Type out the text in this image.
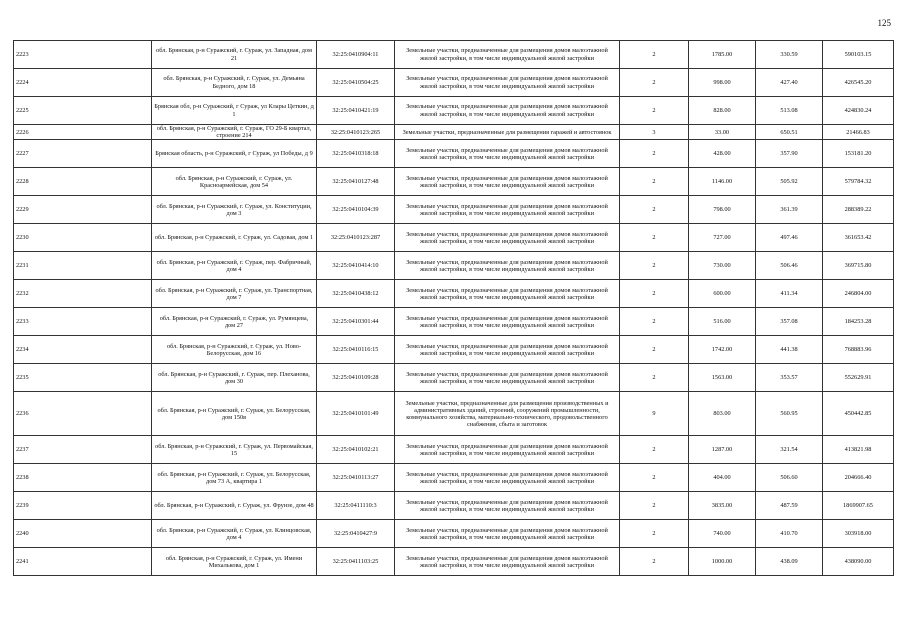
125
2223	обл. Брянская, р-н Суражский, г. Сураж, ул. Западная, дом 21	32:25:0410904:11	Земельные участки, предназначенные для размещения домов малоэтажной жилой застройки, в том числе индивидуальной жилой застройки	2	1785.00	330.59	590103.15
2224	обл. Брянская, р-н Суражский, г. Сураж, ул. Демьяна Бедного, дом 18	32:25:0410504:25	Земельные участки, предназначенные для размещения домов малоэтажной жилой застройки, в том числе индивидуальной жилой застройки	2	998.00	427.40	426545.20
2225	Брянская обл, р-н Суражский, г Сураж, ул Клары Цеткин, д 1	32:25:0410421:19	Земельные участки, предназначенные для размещения домов малоэтажной жилой застройки, в том числе индивидуальной жилой застройки	2	828.00	513.08	424830.24
2226	обл. Брянская, р-н Суражский, г. Сураж, ГО 29-Б квартал, строение 214	32:25:0410123:265	Земельные участки, предназначенные для размещения гаражей и автостоянок	3	33.00	650.51	21466.83
2227	Брянская область, р-н Суражский, г Сураж, ул Победы, д 9	32:25:0410318:18	Земельные участки, предназначенные для размещения домов малоэтажной жилой застройки, в том числе индивидуальной жилой застройки	2	428.00	357.90	153181.20
2228	обл. Брянская, р-н Суражский, г. Сураж, ул. Красноармейская, дом 54	32:25:0410127:48	Земельные участки, предназначенные для размещения домов малоэтажной жилой застройки, в том числе индивидуальной жилой застройки	2	1146.00	505.92	579784.32
2229	обл. Брянская, р-н Суражский, г. Сураж, ул. Конституции, дом 3	32:25:0410104:39	Земельные участки, предназначенные для размещения домов малоэтажной жилой застройки, в том числе индивидуальной жилой застройки	2	798.00	361.39	288389.22
2230	обл. Брянская, р-н Суражский, г. Сураж, ул. Садовая, дом 1	32:25:0410123:287	Земельные участки, предназначенные для размещения домов малоэтажной жилой застройки, в том числе индивидуальной жилой застройки	2	727.00	497.46	361653.42
2231	обл. Брянская, р-н Суражский, г. Сураж, пер. Фабричный, дом 4	32:25:0410414:10	Земельные участки, предназначенные для размещения домов малоэтажной жилой застройки, в том числе индивидуальной жилой застройки	2	730.00	506.46	369715.80
2232	обл. Брянская, р-н Суражский, г. Сураж, ул. Транспортная, дом 7	32:25:0410438:12	Земельные участки, предназначенные для размещения домов малоэтажной жилой застройки, в том числе индивидуальной жилой застройки	2	600.00	411.34	246804.00
2233	обл. Брянская, р-н Суражский, г. Сураж, ул. Румянцева, дом 27	32:25:0410301:44	Земельные участки, предназначенные для размещения домов малоэтажной жилой застройки, в том числе индивидуальной жилой застройки	2	516.00	357.08	184253.28
2234	обл. Брянская, р-н Суражский, г. Сураж, ул. Ново-Белорусская, дом 16	32:25:0410116:15	Земельные участки, предназначенные для размещения домов малоэтажной жилой застройки, в том числе индивидуальной жилой застройки	2	1742.00	441.38	768883.96
2235	обл. Брянская, р-н Суражский, г. Сураж, пер. Плеханова, дом 30	32:25:0410109:28	Земельные участки, предназначенные для размещения домов малоэтажной жилой застройки, в том числе индивидуальной жилой застройки	2	1563.00	353.57	552629.91
2236	обл. Брянская, р-н Суражский, г. Сураж, ул. Белорусская, дом 150в	32:25:0410101:49	Земельные участки, предназначенные для размещения производственных и административных зданий, строений, сооружений промышленности, коммунального хозяйства, материально-технического, продовольственного снабжения, сбыта и заготовок	9	803.00	560.95	450442.85
2237	обл. Брянская, р-н Суражский, г. Сураж, ул. Первомайская, 15	32:25:0410102:21	Земельные участки, предназначенные для размещения домов малоэтажной жилой застройки, в том числе индивидуальной жилой застройки	2	1287.00	321.54	413821.98
2238	обл. Брянская, р-н Суражский, г. Сураж, ул. Белорусская, дом 73 А, квартира 1	32:25:0410113:27	Земельные участки, предназначенные для размещения домов малоэтажной жилой застройки, в том числе индивидуальной жилой застройки	2	404.00	506.60	204666.40
2239	обл. Брянская, р-н Суражский, г. Сураж, ул. Фрунзе, дом 48	32:25:0411110:3	Земельные участки, предназначенные для размещения домов малоэтажной жилой застройки, в том числе индивидуальной жилой застройки	2	3835.00	487.59	1869907.65
2240	обл. Брянская, р-н Суражский, г. Сураж, ул. Клинцовская, дом 4	32:25:0410427:9	Земельные участки, предназначенные для размещения домов малоэтажной жилой застройки, в том числе индивидуальной жилой застройки	2	740.00	410.70	303918.00
2241	обл. Брянская, р-н Суражский, г. Сураж, ул. Имени Михалькова, дом 1	32:25:0411103:25	Земельные участки, предназначенные для размещения домов малоэтажной жилой застройки, в том числе индивидуальной жилой застройки	2	1000.00	438.09	438090.00
